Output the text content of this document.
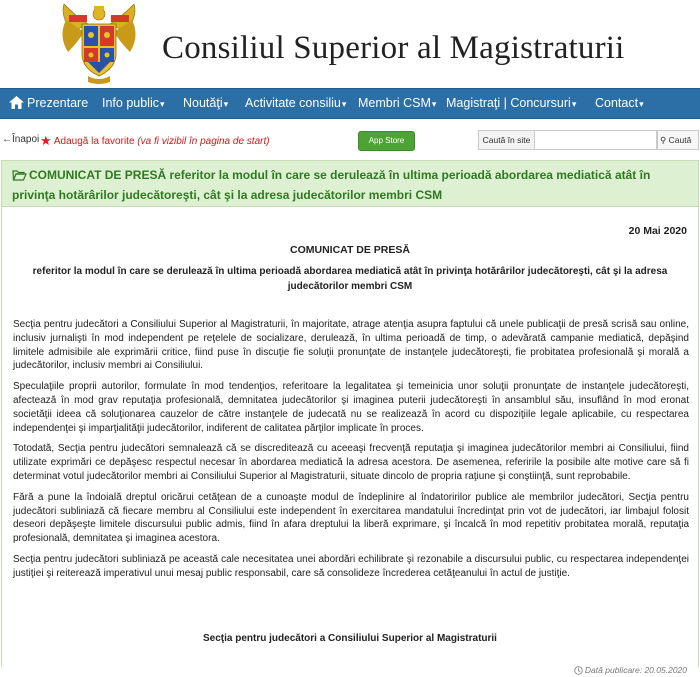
Consiliul Superior al Magistraturii
Prezentare Info public▾ Noutăţi▾ Activitate consiliu▾ Membri CSM▾ Magistraţi | Concursuri▾ Contact▾
←Înapoi ★ Adaugă la favorite (va fi vizibil în pagina de start)	App Store	Caută în site	⚲ Caută
COMUNICAT DE PRESĂ referitor la modul în care se derulează în ultima perioadă abordarea mediatică atât în privinţa hotărârilor judecătoreşti, cât şi la adresa judecătorilor membri CSM
20 Mai 2020
COMUNICAT DE PRESĂ
referitor la modul în care se derulează în ultima perioadă abordarea mediatică atât în privinţa hotărârilor judecătoreşti, cât şi la adresa judecătorilor membri CSM

Secţia pentru judecători a Consiliului Superior al Magistraturii, în majoritate, atrage atenţia asupra faptului că unele publicaţii de presă scrisă sau online, inclusiv jurnalişti în mod independent pe reţelele de socializare, derulează, în ultima perioadă de timp, o adevărată campanie mediatică, depăşind limitele admisibile ale exprimării critice, fiind puse în discuţie fie soluţii pronunţate de instanţele judecătoreşti, fie probitatea profesională şi morală a judecătorilor, inclusiv membri ai Consiliului.

Speculaţiile proprii autorilor, formulate în mod tendenţios, referitoare la legalitatea şi temeinicia unor soluţii pronunţate de instanţele judecătoreşti, afectează în mod grav reputaţia profesională, demnitatea judecătorilor şi imaginea puterii judecătoreşti în ansamblul său, insuflând în mod eronat societăţii ideea că soluţionarea cauzelor de către instanţele de judecată nu se realizează în acord cu dispoziţiile legale aplicabile, cu respectarea independenţei şi imparţialităţii judecătorilor, indiferent de calitatea părţilor implicate în proces.

Totodată, Secţia pentru judecători semnalează că se discreditează cu aceeaşi frecvenţă reputaţia şi imaginea judecătorilor membri ai Consiliului, fiind utilizate exprimări ce depăşesc respectul necesar în abordarea mediatică la adresa acestora. De asemenea, referirile la posibile alte motive care să fi determinat votul judecătorilor membri ai Consiliului Superior al Magistraturii, situate dincolo de propria raţiune şi conştiinţă, sunt reprobabile.

Fără a pune la îndoială dreptul oricărui cetăţean de a cunoaşte modul de îndeplinire al îndatoririlor publice ale membrilor judecători, Secţia pentru judecători subliniază că fiecare membru al Consiliului este independent în exercitarea mandatului încredinţat prin vot de judecători, iar limbajul folosit deseori depăşeşte limitele discursului public admis, fiind în afara dreptului la liberă exprimare, şi încalcă în mod repetitiv probitatea morală, reputaţia profesională, demnitatea şi imaginea acestora.

Secţia pentru judecători subliniază pe această cale necesitatea unei abordări echilibrate şi rezonabile a discursului public, cu respectarea independenţei justiţiei şi reiterează imperativul unui mesaj public responsabil, care să consolideze încrederea cetăţeanului în actul de justiţie.

Secţia pentru judecători a Consiliului Superior al Magistraturii
Dată publicare: 20.05.2020
